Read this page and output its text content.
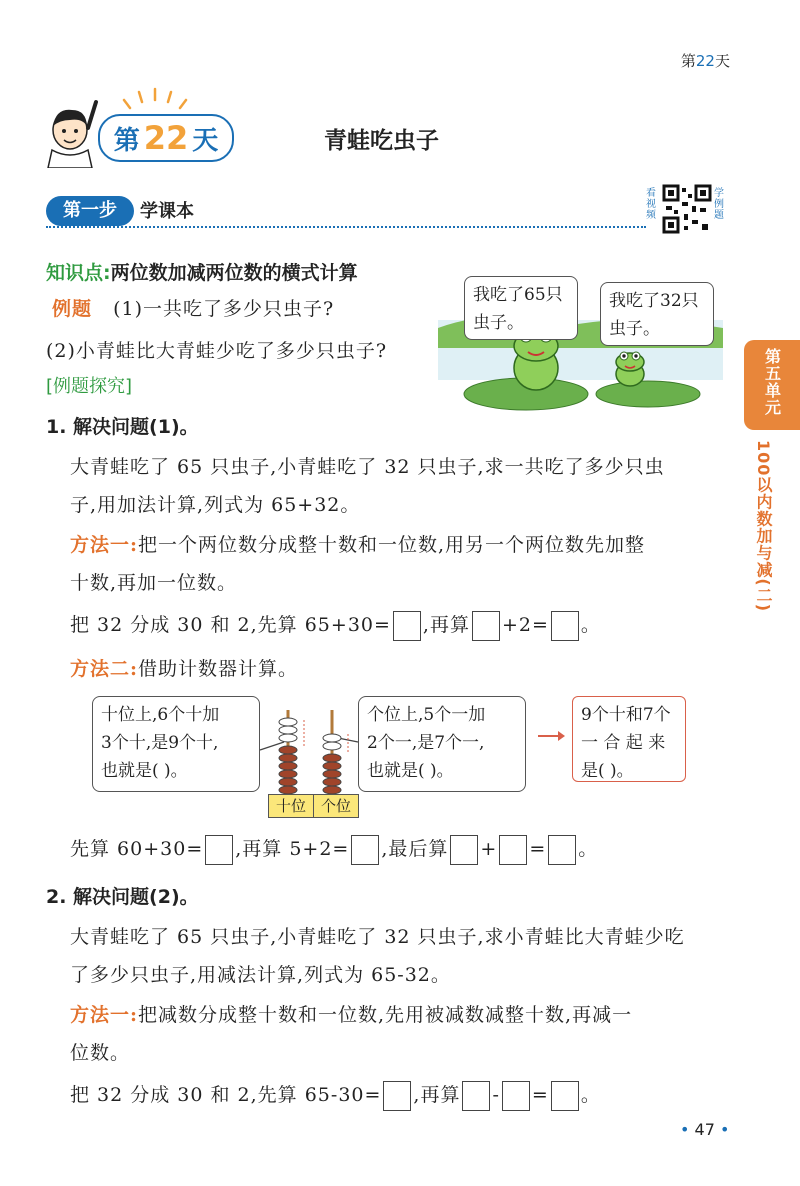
第22天
第 22 天	青蛙吃虫子
第一步	学课本
看视频
学例题
知识点:两位数加减两位数的横式计算
例题 (1)一共吃了多少只虫子?
(2)小青蛙比大青蛙少吃了多少只虫子?
[例题探究]
我吃了65只
虫子。
我吃了32只
虫子。
第五单元
100以内数加与减(二)
1. 解决问题(1)。
大青蛙吃了 65 只虫子,小青蛙吃了 32 只虫子,求一共吃了多少只虫
子,用加法计算,列式为 65+32。
方法一:把一个两位数分成整十数和一位数,用另一个两位数先加整
十数,再加一位数。
把 32 分成 30 和 2,先算 65+30= ,再算 +2= 。
方法二:借助计数器计算。
十位上,6个十加
3个十,是9个十,
也就是( )。
个位上,5个一加
2个一,是7个一,
也就是( )。
9个十和7个
一 合 起 来
是( )。
十位 个位
先算 60+30= ,再算 5+2= ,最后算 + = 。
2. 解决问题(2)。
大青蛙吃了 65 只虫子,小青蛙吃了 32 只虫子,求小青蛙比大青蛙少吃
了多少只虫子,用减法计算,列式为 65-32。
方法一:把减数分成整十数和一位数,先用被减数减整十数,再减一
位数。
把 32 分成 30 和 2,先算 65-30= ,再算 - = 。
• 47 •
